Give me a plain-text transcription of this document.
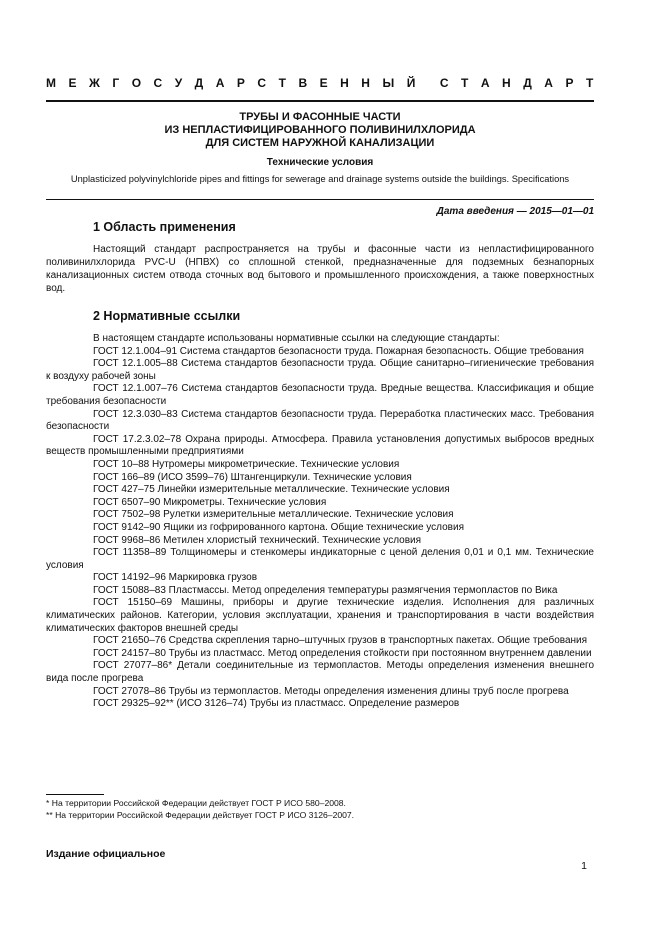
М Е Ж Г О С У Д А Р С Т В Е Н Н Ы Й С Т А Н Д А Р Т

ТРУБЫ И ФАСОННЫЕ ЧАСТИ

ИЗ НЕПЛАСТИФИЦИРОВАННОГО ПОЛИВИНИЛХЛОРИДА

ДЛЯ СИСТЕМ НАРУЖНОЙ КАНАЛИЗАЦИИ

Технические условия
Unplasticized polyvinylchloride pipes and fittings for sewerage and drainage systems outside the buildings. Specifications
Дата введения — 2015—01—01
1 Область применения

Настоящий стандарт распространяется на трубы и фасонные части из непластифицированного поливинилхлорида PVC-U (НПВХ) со сплошной стенкой, предназначенные для подземных безнапорных канализационных систем отвода сточных вод бытового и промышленного происхождения, а также поверхностных вод.

2 Нормативные ссылки

В настоящем стандарте использованы нормативные ссылки на следующие стандарты:

ГОСТ 12.1.004–91 Система стандартов безопасности труда. Пожарная безопасность. Общие требования

ГОСТ 12.1.005–88 Система стандартов безопасности труда. Общие санитарно–гигиенические требования к воздуху рабочей зоны

ГОСТ 12.1.007–76 Система стандартов безопасности труда. Вредные вещества. Классификация и общие требования безопасности

ГОСТ 12.3.030–83 Система стандартов безопасности труда. Переработка пластических масс. Требования безопасности

ГОСТ 17.2.3.02–78 Охрана природы. Атмосфера. Правила установления допустимых выбросов вредных веществ промышленными предприятиями

ГОСТ 10–88 Нутромеры микрометрические. Технические условия

ГОСТ 166–89 (ИСО 3599–76) Штангенциркули. Технические условия

ГОСТ 427–75 Линейки измерительные металлические. Технические условия

ГОСТ 6507–90 Микрометры. Технические условия

ГОСТ 7502–98 Рулетки измерительные металлические. Технические условия

ГОСТ 9142–90 Ящики из гофрированного картона. Общие технические условия

ГОСТ 9968–86 Метилен хлористый технический. Технические условия

ГОСТ 11358–89 Толщиномеры и стенкомеры индикаторные с ценой деления 0,01 и 0,1 мм. Технические условия

ГОСТ 14192–96 Маркировка грузов

ГОСТ 15088–83 Пластмассы. Метод определения температуры размягчения термопластов по Вика

ГОСТ 15150–69 Машины, приборы и другие технические изделия. Исполнения для различных климатических районов. Категории, условия эксплуатации, хранения и транспортирования в части воздействия климатических факторов внешней среды

ГОСТ 21650–76 Средства скрепления тарно–штучных грузов в транспортных пакетах. Общие требования

ГОСТ 24157–80 Трубы из пластмасс. Метод определения стойкости при постоянном внутреннем давлении

ГОСТ 27077–86* Детали соединительные из термопластов. Методы определения изменения внешнего вида после прогрева

ГОСТ 27078–86 Трубы из термопластов. Методы определения изменения длины труб после прогрева

ГОСТ 29325–92** (ИСО 3126–74) Трубы из пластмасс. Определение размеров

* На территории Российской Федерации действует ГОСТ Р ИСО 580–2008.
** На территории Российской Федерации действует ГОСТ Р ИСО 3126–2007.
Издание официальное
1
